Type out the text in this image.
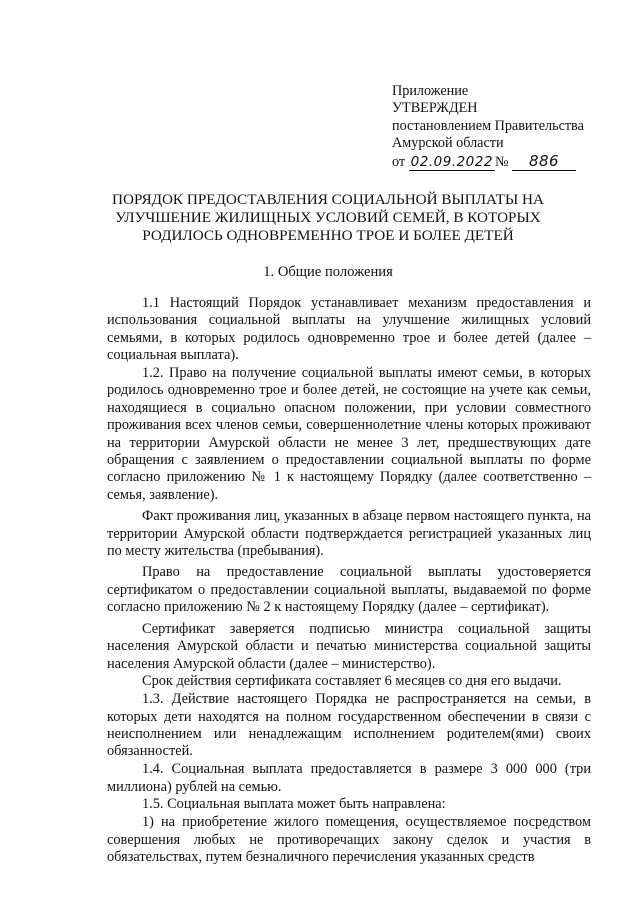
Приложение
УТВЕРЖДЕН
постановлением Правительства
Амурской области
от 02.09.2022 № 886
ПОРЯДОК ПРЕДОСТАВЛЕНИЯ СОЦИАЛЬНОЙ ВЫПЛАТЫ НА УЛУЧШЕНИЕ ЖИЛИЩНЫХ УСЛОВИЙ СЕМЕЙ, В КОТОРЫХ РОДИЛОСЬ ОДНОВРЕМЕННО ТРОЕ И БОЛЕЕ ДЕТЕЙ
1. Общие положения

1.1 Настоящий Порядок устанавливает механизм предоставления и использования социальной выплаты на улучшение жилищных условий семьями, в которых родилось одновременно трое и более детей (далее – социальная выплата).

1.2. Право на получение социальной выплаты имеют семьи, в которых родилось одновременно трое и более детей, не состоящие на учете как семьи, находящиеся в социально опасном положении, при условии совместного проживания всех членов семьи, совершеннолетние члены которых проживают на территории Амурской области не менее 3 лет, предшествующих дате обращения с заявлением о предоставлении социальной выплаты по форме согласно приложению № 1 к настоящему Порядку (далее соответственно – семья, заявление).

Факт проживания лиц, указанных в абзаце первом настоящего пункта, на территории Амурской области подтверждается регистрацией указанных лиц по месту жительства (пребывания).

Право на предоставление социальной выплаты удостоверяется сертификатом о предоставлении социальной выплаты, выдаваемой по форме согласно приложению № 2 к настоящему Порядку (далее – сертификат).

Сертификат заверяется подписью министра социальной защиты населения Амурской области и печатью министерства социальной защиты населения Амурской области (далее – министерство).

Срок действия сертификата составляет 6 месяцев со дня его выдачи.

1.3. Действие настоящего Порядка не распространяется на семьи, в которых дети находятся на полном государственном обеспечении в связи с неисполнением или ненадлежащим исполнением родителем(ями) своих обязанностей.

1.4. Социальная выплата предоставляется в размере 3 000 000 (три миллиона) рублей на семью.

1.5. Социальная выплата может быть направлена:

1) на приобретение жилого помещения, осуществляемое посредством совершения любых не противоречащих закону сделок и участия в обязательствах, путем безналичного перечисления указанных средств
